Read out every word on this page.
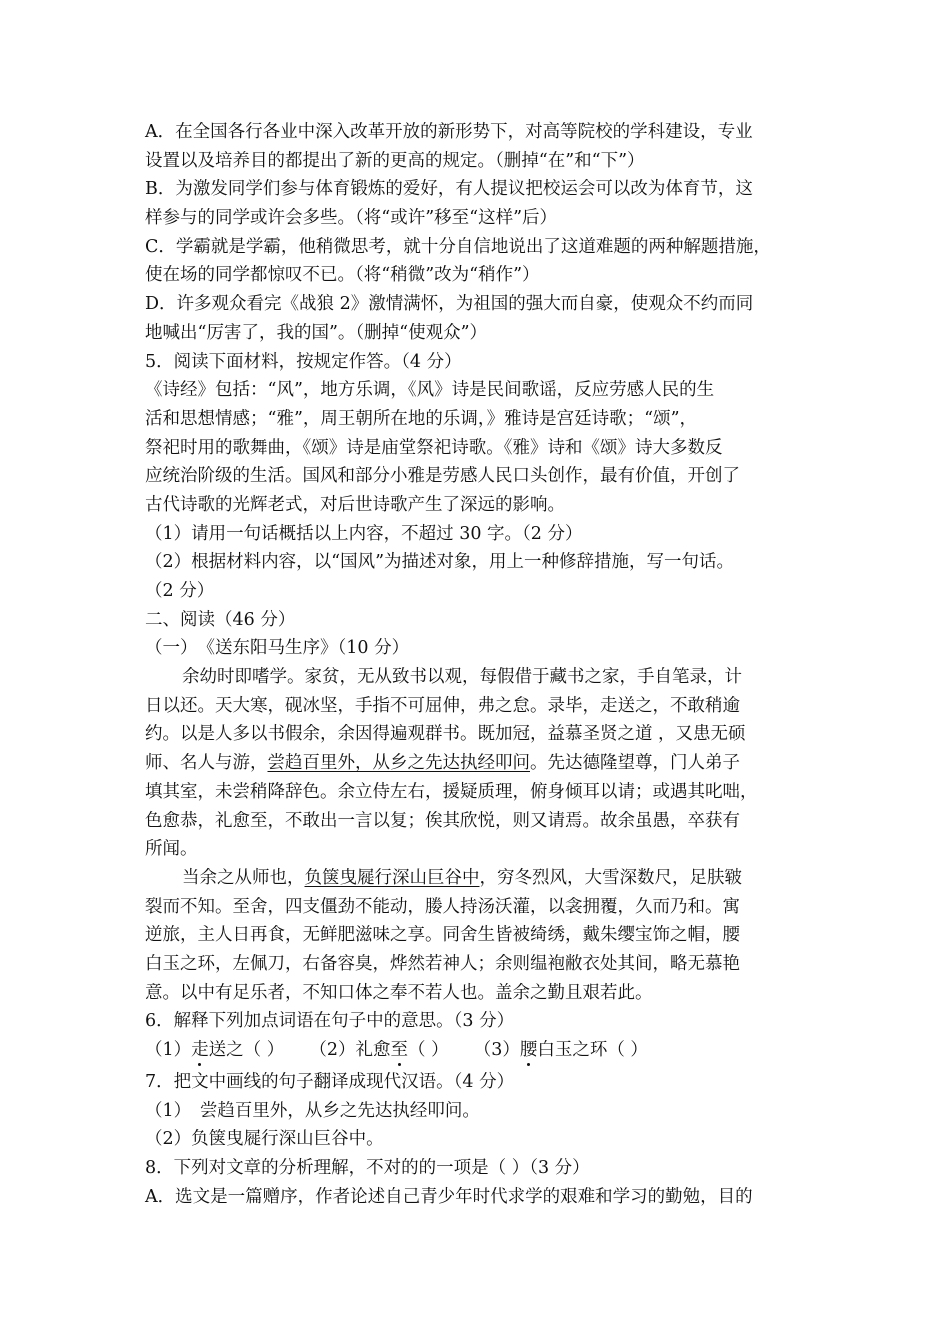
A．在全国各行各业中深入改革开放的新形势下，对高等院校的学科建设，专业
设置以及培养目的都提出了新的更高的规定。（删掉“在”和“下”）
B．为激发同学们参与体育锻炼的爱好，有人提议把校运会可以改为体育节，这
样参与的同学或许会多些。（将“或许”移至“这样”后）
C．学霸就是学霸，他稍微思考，就十分自信地说出了这道难题的两种解题措施，
使在场的同学都惊叹不已。（将“稍微”改为“稍作”）
D．许多观众看完《战狼 2》激情满怀，为祖国的强大而自豪，使观众不约而同
地喊出“厉害了，我的国”。（删掉“使观众”）
5．阅读下面材料，按规定作答。（4 分）
《诗经》包括：“风”，地方乐调，《风》诗是民间歌谣，反应劳感人民的生
活和思想情感；“雅”，周王朝所在地的乐调，》雅诗是宫廷诗歌；“颂”，
祭祀时用的歌舞曲，《颂》诗是庙堂祭祀诗歌。《雅》诗和《颂》诗大多数反
应统治阶级的生活。国风和部分小雅是劳感人民口头创作，最有价值，开创了
古代诗歌的光辉老式，对后世诗歌产生了深远的影响。
（1）请用一句话概括以上内容，不超过 30 字。（2 分）
（2）根据材料内容，以“国风”为描述对象，用上一种修辞措施，写一句话。
（2 分）
二、阅读（46 分）
（一）　《送东阳马生序》（10 分）
余幼时即嗜学。家贫，无从致书以观，每假借于藏书之家，手自笔录，计
日以还。天大寒，砚冰坚，手指不可屈伸，弗之怠。录毕，走送之，不敢稍逾
约。以是人多以书假余，余因得遍观群书。既加冠，益慕圣贤之道 ，又患无硕
师、名人与游，尝趋百里外，从乡之先达执经叩问。先达德隆望尊，门人弟子
填其室，未尝稍降辞色。余立侍左右，援疑质理，俯身倾耳以请；或遇其叱咄，
色愈恭，礼愈至，不敢出一言以复；俟其欣悦，则又请焉。故余虽愚，卒获有
所闻。
当余之从师也，负箧曳屣行深山巨谷中，穷冬烈风，大雪深数尺，足肤皲
裂而不知。至舍，四支僵劲不能动，媵人持汤沃灌，以衾拥覆，久而乃和。寓
逆旅，主人日再食，无鲜肥滋味之享。同舍生皆被绮绣，戴朱缨宝饰之帽，腰
白玉之环，左佩刀，右备容臭，烨然若神人；余则缊袍敝衣处其间，略无慕艳
意。以中有足乐者，不知口体之奉不若人也。盖余之勤且艰若此。
6．解释下列加点词语在句子中的意思。（3 分）
（1）走送之（ ） （2）礼愈至（ ） （3）腰白玉之环（ ）
7．把文中画线的句子翻译成现代汉语。（4 分）
（1）　尝趋百里外，从乡之先达执经叩问。
（2）负箧曳屣行深山巨谷中。
8．下列对文章的分析理解，不对的的一项是（ ）（3 分）
A．选文是一篇赠序，作者论述自己青少年时代求学的艰难和学习的勤勉，目的
